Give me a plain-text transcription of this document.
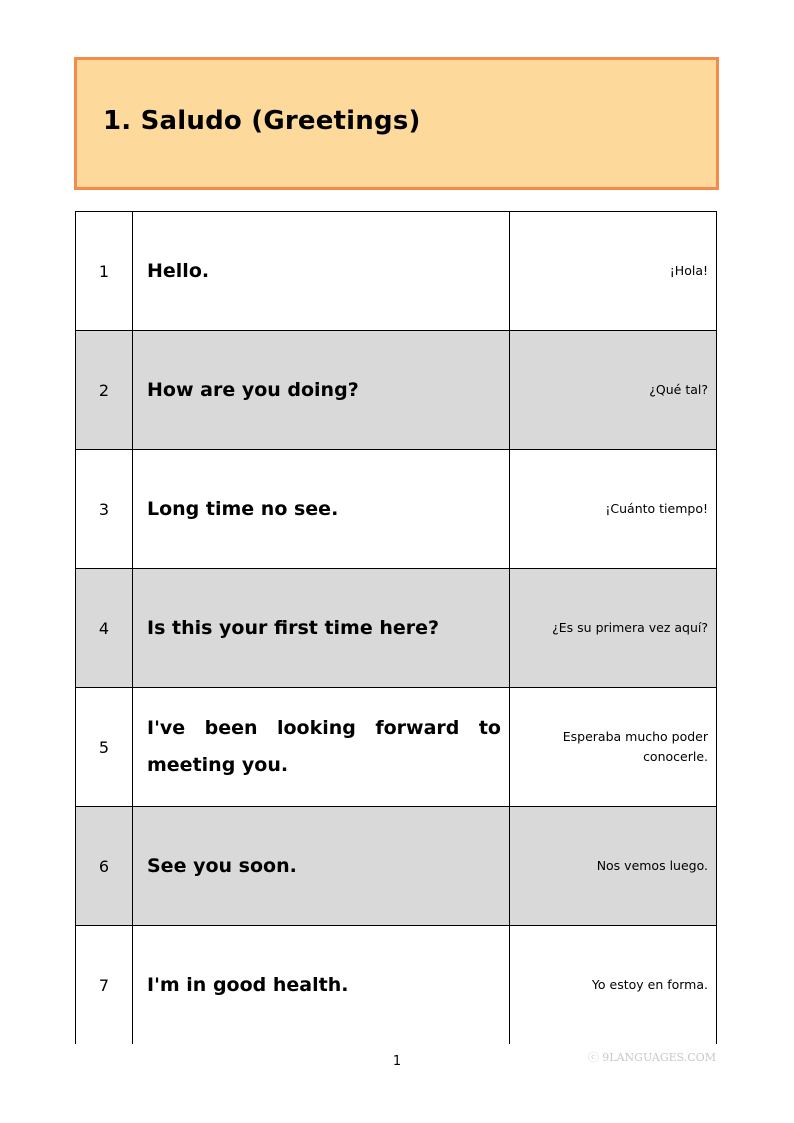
1. Saludo (Greetings)
1	Hello.	¡Hola!
2	How are you doing?	¿Qué tal?
3	Long time no see.	¡Cuánto tiempo!
4	Is this your first time here?	¿Es su primera vez aquí?
5	I've been looking forward to meeting you.	Esperaba mucho poder conocerle.
6	See you soon.	Nos vemos luego.
7	I'm in good health.	Yo estoy en forma.
1	ⓒ 9LANGUAGES.COM
